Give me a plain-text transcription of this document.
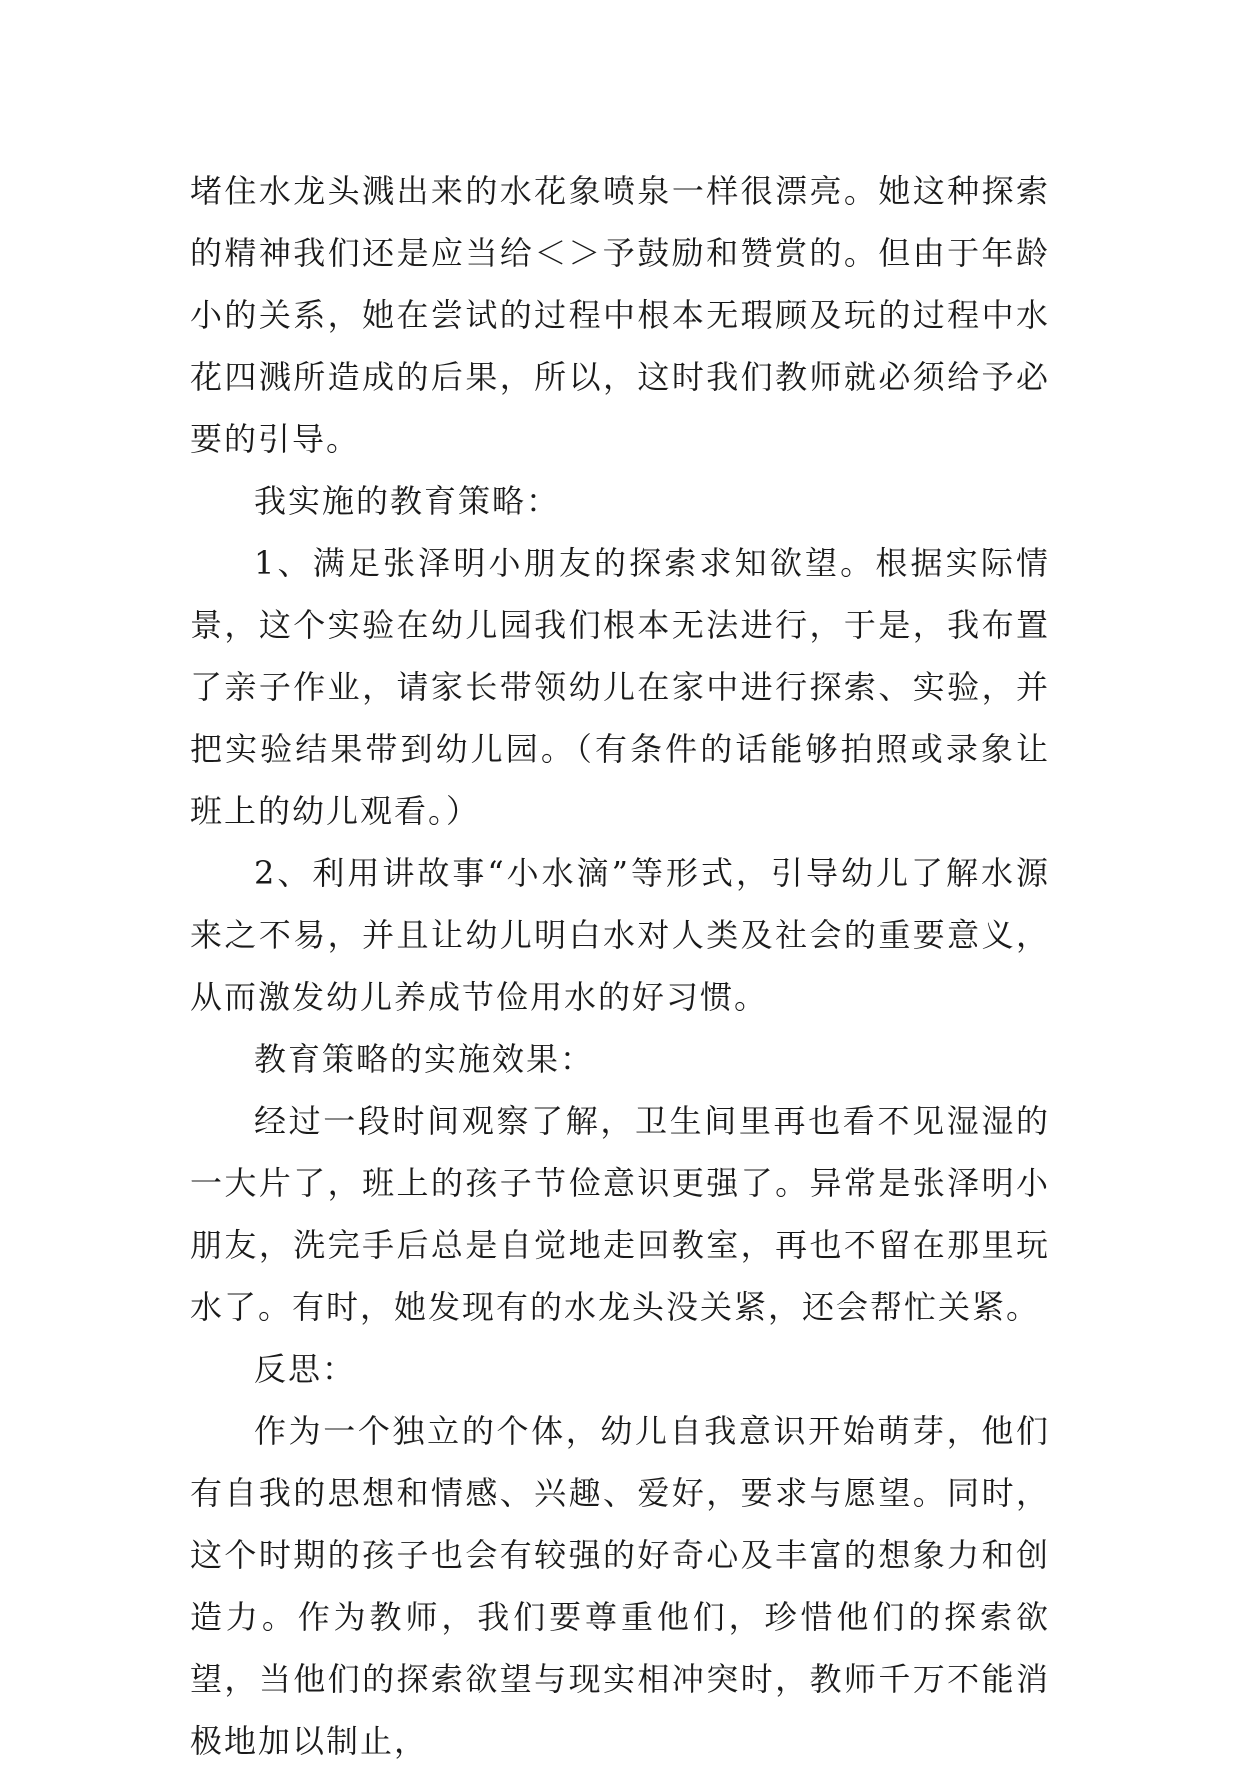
堵住水龙头溅出来的水花象喷泉一样很漂亮。她这种探索的精神我们还是应当给＜＞予鼓励和赞赏的。但由于年龄小的关系，她在尝试的过程中根本无瑕顾及玩的过程中水花四溅所造成的后果，所以，这时我们教师就必须给予必要的引导。

我实施的教育策略：

1、满足张泽明小朋友的探索求知欲望。根据实际情景，这个实验在幼儿园我们根本无法进行，于是，我布置了亲子作业，请家长带领幼儿在家中进行探索、实验，并把实验结果带到幼儿园。（有条件的话能够拍照或录象让班上的幼儿观看。）

2、利用讲故事“小水滴”等形式，引导幼儿了解水源来之不易，并且让幼儿明白水对人类及社会的重要意义，从而激发幼儿养成节俭用水的好习惯。

教育策略的实施效果：

经过一段时间观察了解，卫生间里再也看不见湿湿的一大片了，班上的孩子节俭意识更强了。异常是张泽明小朋友，洗完手后总是自觉地走回教室，再也不留在那里玩水了。有时，她发现有的水龙头没关紧，还会帮忙关紧。

反思：

作为一个独立的个体，幼儿自我意识开始萌芽，他们有自我的思想和情感、兴趣、爱好，要求与愿望。同时，这个时期的孩子也会有较强的好奇心及丰富的想象力和创造力。作为教师，我们要尊重他们，珍惜他们的探索欲望，当他们的探索欲望与现实相冲突时，教师千万不能消极地加以制止，
